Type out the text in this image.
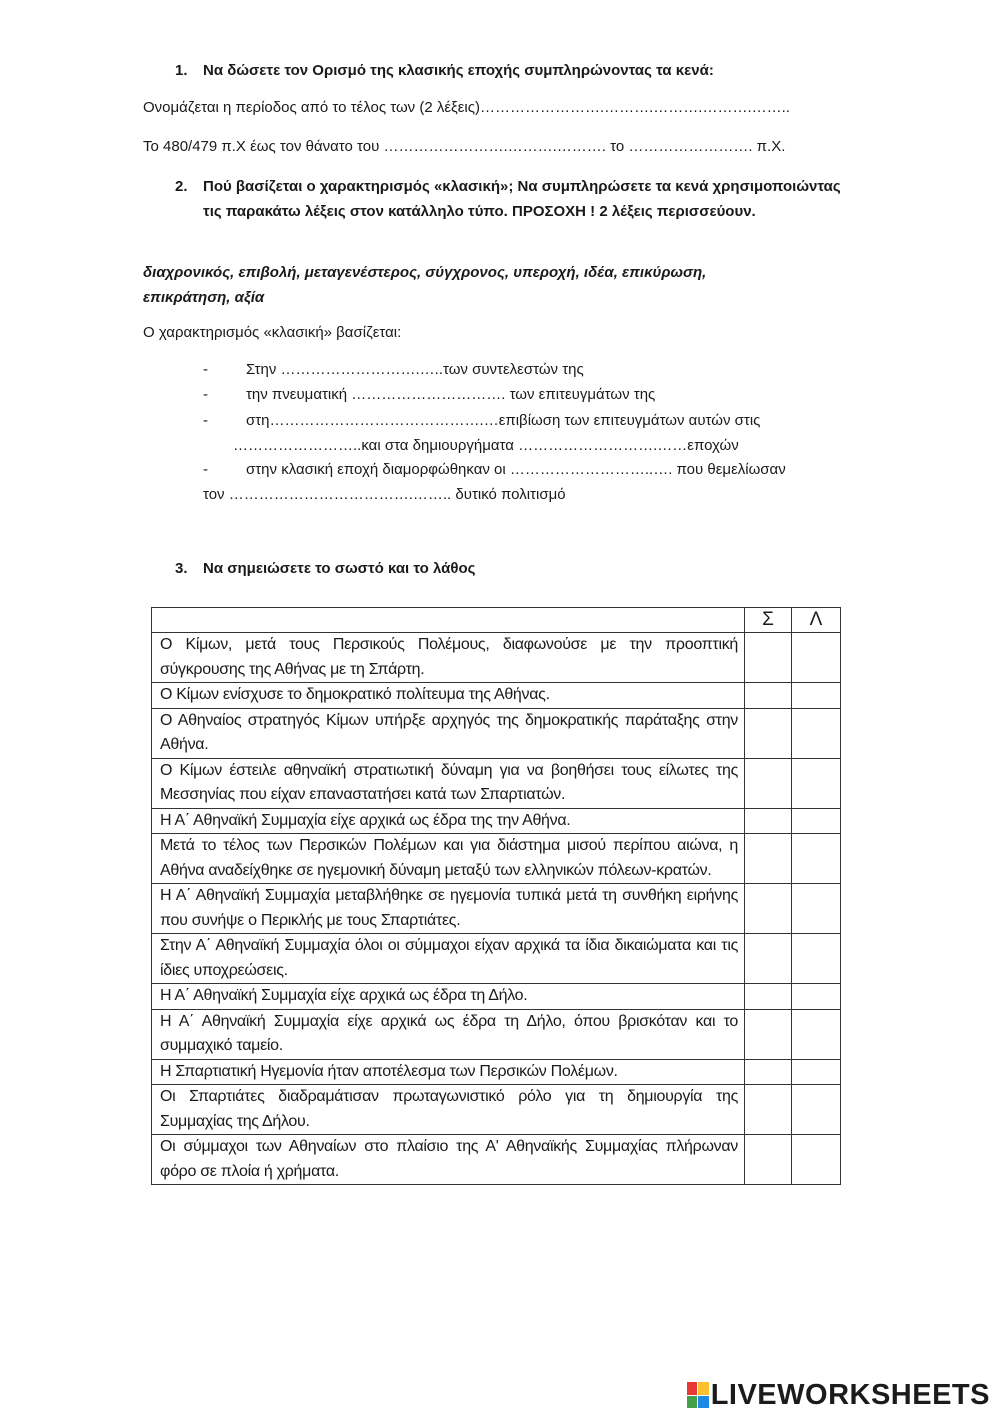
1. Να δώσετε τον Ορισμό της κλασικής εποχής συμπληρώνοντας τα κενά:
Ονομάζεται η περίοδος από το τέλος των (2 λέξεις)…………………….……….……….……….……..
Το 480/479 π.Χ έως τον θάνατο του …………………….……….………. το ……………………. π.Χ.
2. Πού βασίζεται ο χαρακτηρισμός «κλασική»; Να συμπληρώσετε τα κενά χρησιμοποιώντας τις παρακάτω λέξεις στον κατάλληλο τύπο. ΠΡΟΣΟΧΗ ! 2 λέξεις περισσεύουν.
διαχρονικός, επιβολή, μεταγενέστερος, σύγχρονος, υπεροχή, ιδέα, επικύρωση, επικράτηση, αξία
Ο χαρακτηρισμός «κλασική» βασίζεται:
-	Στην ……………………….…..των συντελεστών της
-	την πνευματική …………………………. των επιτευγμάτων της
-	στη…………………………………….…επιβίωση των επιτευγμάτων αυτών στις
……………………..και στα δημιουργήματα ……………………….……εποχών
-	στην κλασική εποχή διαμορφώθηκαν οι ………………………..…. που θεμελίωσαν
τον ……………………………….…….. δυτικό πολιτισμό
3. Να σημειώσετε το σωστό και το λάθος
	Σ	Λ
Ο Κίμων, μετά τους Περσικούς Πολέμους, διαφωνούσε με την προοπτική σύγκρουσης της Αθήνας με τη Σπάρτη.		
Ο Κίμων ενίσχυσε το δημοκρατικό πολίτευμα της Αθήνας.		
Ο Αθηναίος στρατηγός Κίμων υπήρξε αρχηγός της δημοκρατικής παράταξης στην Αθήνα.		
Ο Κίμων έστειλε αθηναϊκή στρατιωτική δύναμη για να βοηθήσει τους είλωτες της Μεσσηνίας που είχαν επαναστατήσει κατά των Σπαρτιατών.		
Η Α΄ Αθηναϊκή Συμμαχία είχε αρχικά ως έδρα της την Αθήνα.		
Μετά το τέλος των Περσικών Πολέμων και για διάστημα μισού περίπου αιώνα, η Αθήνα αναδείχθηκε σε ηγεμονική δύναμη μεταξύ των ελληνικών πόλεων-κρατών.		
Η Α΄ Αθηναϊκή Συμμαχία μεταβλήθηκε σε ηγεμονία τυπικά μετά τη συνθήκη ειρήνης που συνήψε ο Περικλής με τους Σπαρτιάτες.		
Στην Α΄ Αθηναϊκή Συμμαχία όλοι οι σύμμαχοι είχαν αρχικά τα ίδια δικαιώματα και τις ίδιες υποχρεώσεις.		
Η Α΄ Αθηναϊκή Συμμαχία είχε αρχικά ως έδρα τη Δήλο.		
Η Α΄ Αθηναϊκή Συμμαχία είχε αρχικά ως έδρα τη Δήλο, όπου βρισκόταν και το συμμαχικό ταμείο.		
Η Σπαρτιατική Ηγεμονία ήταν αποτέλεσμα των Περσικών Πολέμων.		
Οι Σπαρτιάτες διαδραμάτισαν πρωταγωνιστικό ρόλο για τη δημιουργία της Συμμαχίας της Δήλου.		
Οι σύμμαχοι των Αθηναίων στο πλαίσιο της Α' Αθηναϊκής Συμμαχίας πλήρωναν φόρο σε πλοία ή χρήματα.		
LIVEWORKSHEETS
